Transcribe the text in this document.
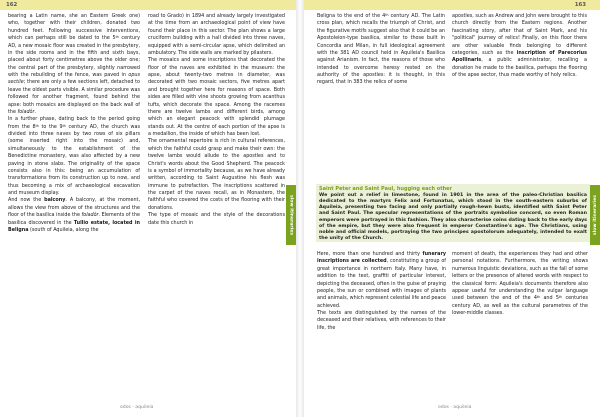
162	163

bearing a Latin name, she an Eastern Greek one) who, together with their children, donated two hundred feet. Following successive interventions, which can perhaps still be dated to the 5th century AD, a new mosaic floor was created in the presbytery, in the side rooms and in the fifth and sixth bays, placed about forty centimetres above the older one; the central part of the presbytery, slightly narrowed with the rebuilding of the fence, was paved in opus sectile; there are only a few sections left, detached to leave the oldest parts visible. A similar procedure was followed for another fragment, found behind the apse: both mosaics are displayed on the back wall of the foladôr.

In a further phase, dating back to the period going from the 8th to the 9th century AD, the church was divided into three naves by two rows of six pillars (some inserted right into the mosaic) and, simultaneously to the establishment of the Benedictine monastery, was also affected by a new paving in stone slabs. The originality of the space consists also in this: being an accumulation of transformations from its construction up to now, and thus becoming a mix of archaeological excavation and museum display.

And now the balcony. A balcony, at the moment, allows the view from above of the structures and the floor of the basilica inside the foladôr. Elements of the basilica discovered in the Tullio estate, located in Beligna (south of Aquileia, along the

road to Grado) in 1894 and already largely investigated at the time from an archaeological point of view have found their place in this sector. The plan shows a large cruciform building with a hall divided into three naves, equipped with a semi-circular apse, which delimited an ambulatory. The side walls are marked by pilasters.

The mosaics and some inscriptions that decorated the floor of the naves are exhibited in the museum: the apse, about twenty-two metres in diameter, was decorated with two mosaic sectors, five metres apart and brought together here for reasons of space. Both sides are filled with vine shoots growing from acanthus tufts, which decorate the space. Among the racemes there are twelve lambs and different birds, among which an elegant peacock with splendid plumage stands out. At the centre of each portion of the apse is a medallion, the inside of which has been lost.

The ornamental repertoire is rich in cultural references, which the faithful could grasp and make their own: the twelve lambs would allude to the apostles and to Christ's words about the Good Shepherd. The peacock is a symbol of immortality because, as we have already written, according to Saint Augustine his flesh was immune to putrefaction. The inscriptions scattered in the carpet of the naves recall, as in Monastero, the faithful who covered the costs of the flooring with their donations.

The type of mosaic and the style of the decorations date this church in

Beligna to the end of the 4th century AD. The Latin cross plan, which recalls the triumph of Christ, and the figurative motifs suggest also that it could be an Apostoleion-type basilica, similar to those built in Concordia and Milan, in full ideological agreement with the 381 AD council held in Aquileia's Basilica against Arianism. In fact, the reasons of those who intended to overcome heresy rested on the authority of the apostles: it is thought, in this regard, that in 383 the relics of some

apostles, such as Andrew and John were brought to this church directly from the Eastern regions. Another fascinating story, after that of Saint Mark, and his "political" journey of relics! Finally, on this floor there are other valuable finds belonging to different categories, such as the inscription of Parecorius Apollinaris, a public administrator, recalling a donation he made to the basilica, perhaps the flooring of the apse sector, thus made worthy of holy relics.

Saint Peter and Saint Paul, hugging each other
We point out a relief in limestone, found in 1901 in the area of the paleo-Christian basilica dedicated to the martyrs Felix and Fortunatus, which stood in the south-eastern suburbs of Aquileia, presenting two facing and only partially rough-hewn busts, identified with Saint Peter and Saint Paul. The specular representations of the portraits symbolise concord, so even Roman emperors were portrayed in this fashion. They also characterise coins dating back to the early days of the empire, but they were also frequent in emperor Constantine's age. The Christians, using noble and official models, portraying the two principes apostolorum adequately, intended to exalt the unity of the Church.

Here, more than one hundred and thirty funerary inscriptions are collected, constituting a group of great importance in northern Italy. Many have, in addition to the text, graffiti of particular interest, depicting the deceased, often in the guise of praying people, the sun or combined with images of plants and animals, which represent celestial life and peace achieved.

The texts are distinguished by the names of the deceased and their relatives, with references to their life, the

moment of death, the experiences they had and other personal notations. Furthermore, the writing shows numerous linguistic deviations, such as the fall of some letters or the presence of altered words with respect to the classical form: Aquileia's documents therefore also appear useful for understanding the vulgar language used between the end of the 4th and 5th centuries century AD, as well as the cultural parametres of the lower-middle classes.

slow itineraries	slow itineraries
odos · aquileia	odos · aquileia
